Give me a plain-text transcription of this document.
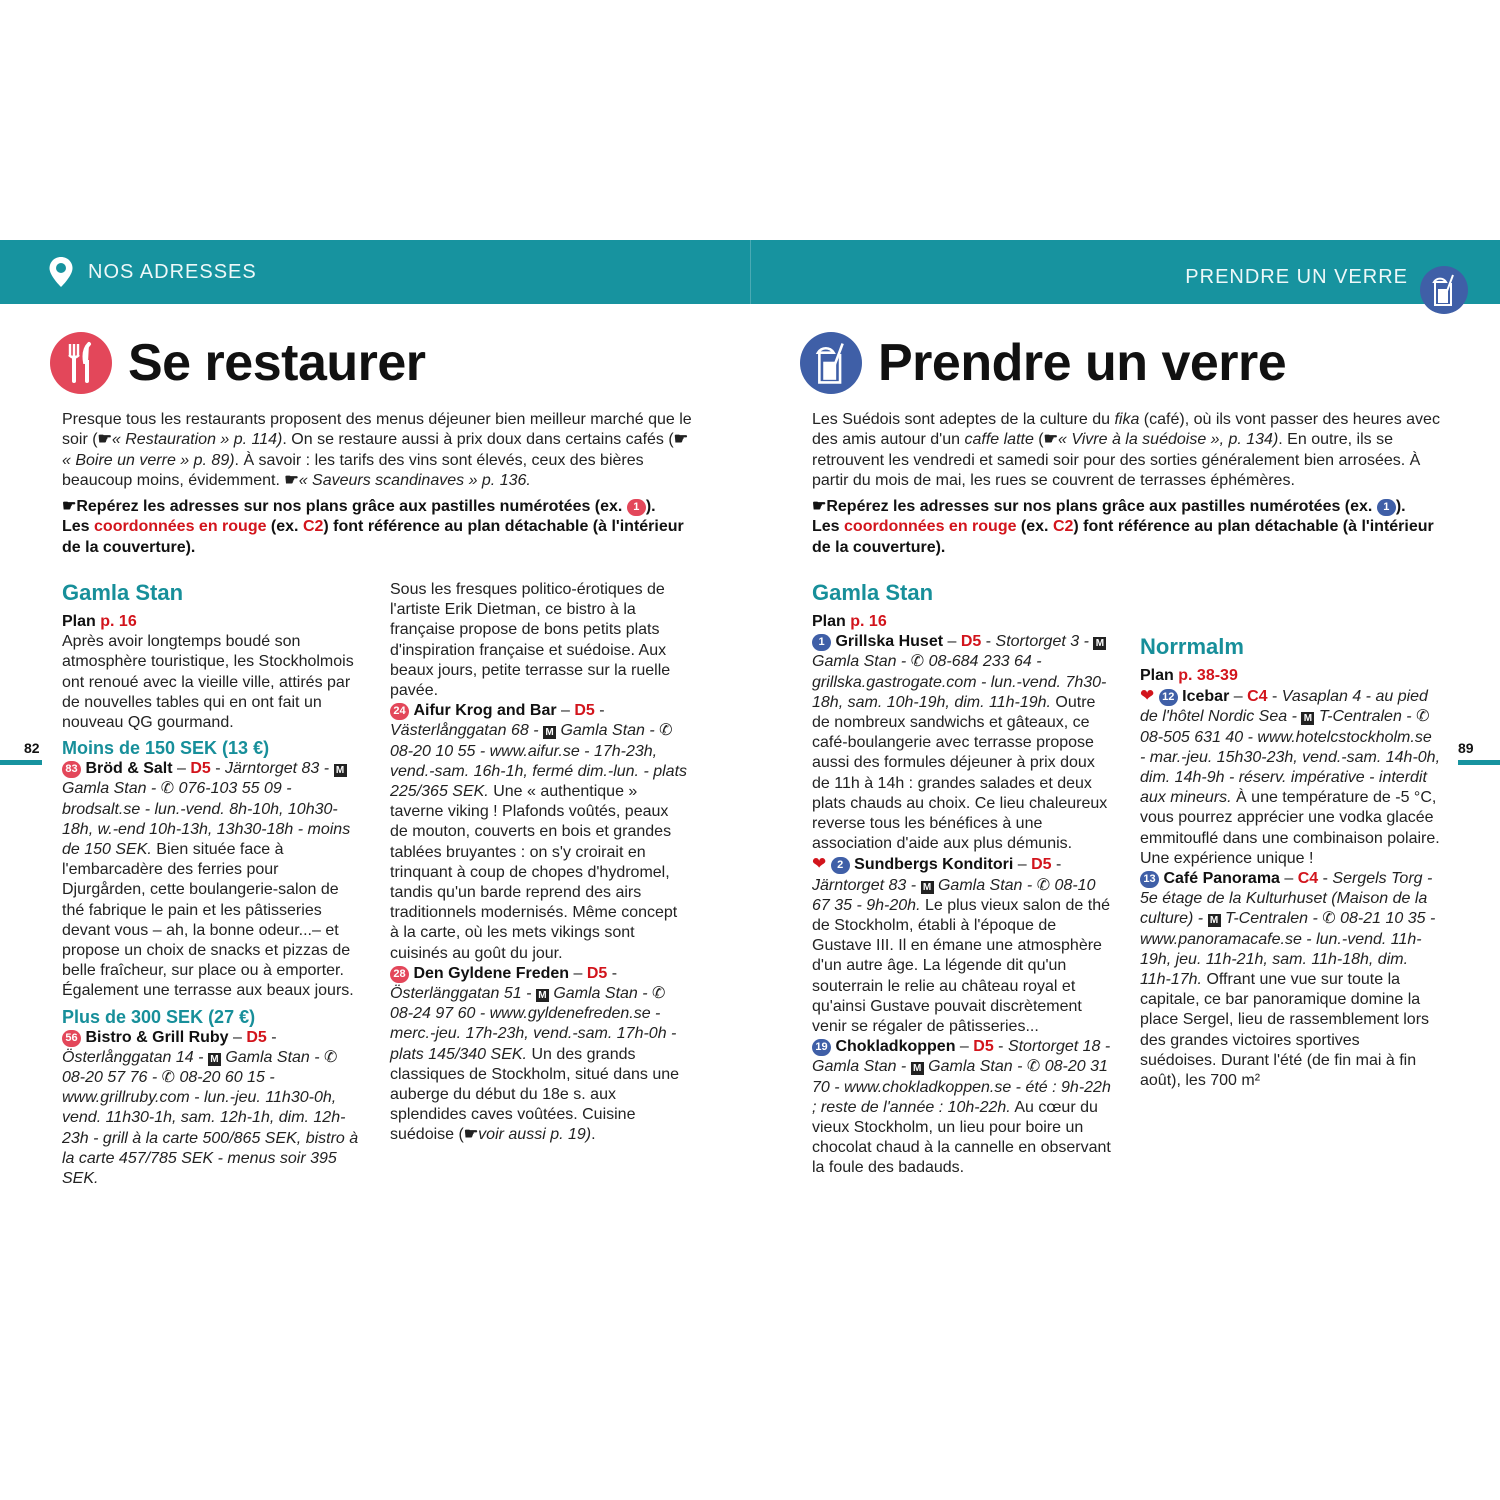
NOS ADRESSES	PRENDRE UN VERRE
Se restaurer

Presque tous les restaurants proposent des menus déjeuner bien meilleur marché que le soir (☛« Restauration » p. 114). On se restaure aussi à prix doux dans certains cafés (☛« Boire un verre » p. 89). À savoir : les tarifs des vins sont élevés, ceux des bières beaucoup moins, évidemment. ☛« Saveurs scandinaves » p. 136.

☛Repérez les adresses sur nos plans grâce aux pastilles numérotées (ex. 1 ).
Les coordonnées en rouge (ex. C2) font référence au plan détachable (à l'intérieur de la couverture).

Gamla Stan
Plan p. 16
Après avoir longtemps boudé son atmosphère touristique, les Stockholmois ont renoué avec la vieille ville, attirés par de nouvelles tables qui en ont fait un nouveau QG gourmand.
Moins de 150 SEK (13 €)

83 Bröd & Salt – D5 - Järntorget 83 - M Gamla Stan - ✆ 076-103 55 09 - brodsalt.se - lun.-vend. 8h-10h, 10h30-18h, w.-end 10h-13h, 13h30-18h - moins de 150 SEK. Bien située face à l'embarcadère des ferries pour Djurgården, cette boulangerie-salon de thé fabrique le pain et les pâtisseries devant vous – ah, la bonne odeur...– et propose un choix de snacks et pizzas de belle fraîcheur, sur place ou à emporter. Également une terrasse aux beaux jours.

Plus de 300 SEK (27 €)

56 Bistro & Grill Ruby – D5 - Österlånggatan 14 - M Gamla Stan - ✆ 08-20 57 76 - ✆ 08-20 60 15 - www.grillruby.com - lun.-jeu. 11h30-0h, vend. 11h30-1h, sam. 12h-1h, dim. 12h-23h - grill à la carte 500/865 SEK, bistro à la carte 457/785 SEK - menus soir 395 SEK.

Sous les fresques politico-érotiques de l'artiste Erik Dietman, ce bistro à la française propose de bons petits plats d'inspiration française et suédoise. Aux beaux jours, petite terrasse sur la ruelle pavée.

24 Aifur Krog and Bar – D5 - Västerlånggatan 68 - M Gamla Stan - ✆ 08-20 10 55 - www.aifur.se - 17h-23h, vend.-sam. 16h-1h, fermé dim.-lun. - plats 225/365 SEK. Une « authentique » taverne viking ! Plafonds voûtés, peaux de mouton, couverts en bois et grandes tablées bruyantes : on s'y croirait en trinquant à coup de chopes d'hydromel, tandis qu'un barde reprend des airs traditionnels modernisés. Même concept à la carte, où les mets vikings sont cuisinés au goût du jour.

28 Den Gyldene Freden – D5 - Österlänggatan 51 - M Gamla Stan - ✆ 08-24 97 60 - www.gyldenefreden.se - merc.-jeu. 17h-23h, vend.-sam. 17h-0h - plats 145/340 SEK. Un des grands classiques de Stockholm, situé dans une auberge du début du 18e s. aux splendides caves voûtées. Cuisine suédoise (☛voir aussi p. 19).

82
Prendre un verre

Les Suédois sont adeptes de la culture du fika (café), où ils vont passer des heures avec des amis autour d'un caffe latte (☛« Vivre à la suédoise », p. 134). En outre, ils se retrouvent les vendredi et samedi soir pour des sorties généralement bien arrosées. À partir du mois de mai, les rues se couvrent de terrasses éphémères.

☛Repérez les adresses sur nos plans grâce aux pastilles numérotées (ex. 1 ).
Les coordonnées en rouge (ex. C2) font référence au plan détachable (à l'intérieur de la couverture).

Gamla Stan
Plan p. 16

1 Grillska Huset – D5 - Stortorget 3 - M Gamla Stan - ✆ 08-684 233 64 - grillska.gastrogate.com - lun.-vend. 7h30-18h, sam. 10h-19h, dim. 11h-19h. Outre de nombreux sandwichs et gâteaux, ce café-boulangerie avec terrasse propose aussi des formules déjeuner à prix doux de 11h à 14h : grandes salades et deux plats chauds au choix. Ce lieu chaleureux reverse tous les bénéfices à une association d'aide aux plus démunis.

❤ 2 Sundbergs Konditori – D5 - Järntorget 83 - M Gamla Stan - ✆ 08-10 67 35 - 9h-20h. Le plus vieux salon de thé de Stockholm, établi à l'époque de Gustave III. Il en émane une atmosphère d'un autre âge. La légende dit qu'un souterrain le relie au château royal et qu'ainsi Gustave pouvait discrètement venir se régaler de pâtisseries...

19 Chokladkoppen – D5 - Stortorget 18 - Gamla Stan - M Gamla Stan - ✆ 08-20 31 70 - www.chokladkoppen.se - été : 9h-22h ; reste de l'année : 10h-22h. Au cœur du vieux Stockholm, un lieu pour boire un chocolat chaud à la cannelle en observant la foule des badauds.

Norrmalm
Plan p. 38-39

❤ 12 Icebar – C4 - Vasaplan 4 - au pied de l'hôtel Nordic Sea - M T-Centralen - ✆ 08-505 631 40 - www.hotelcstockholm.se - mar.-jeu. 15h30-23h, vend.-sam. 14h-0h, dim. 14h-9h - réserv. impérative - interdit aux mineurs. À une température de -5 °C, vous pourrez apprécier une vodka glacée emmitouflé dans une combinaison polaire. Une expérience unique !

13 Café Panorama – C4 - Sergels Torg - 5e étage de la Kulturhuset (Maison de la culture) - M T-Centralen - ✆ 08-21 10 35 - www.panoramacafe.se - lun.-vend. 11h-19h, jeu. 11h-21h, sam. 11h-18h, dim. 11h-17h. Offrant une vue sur toute la capitale, ce bar panoramique domine la place Sergel, lieu de rassemblement lors des grandes victoires sportives suédoises. Durant l'été (de fin mai à fin août), les 700 m²

89
